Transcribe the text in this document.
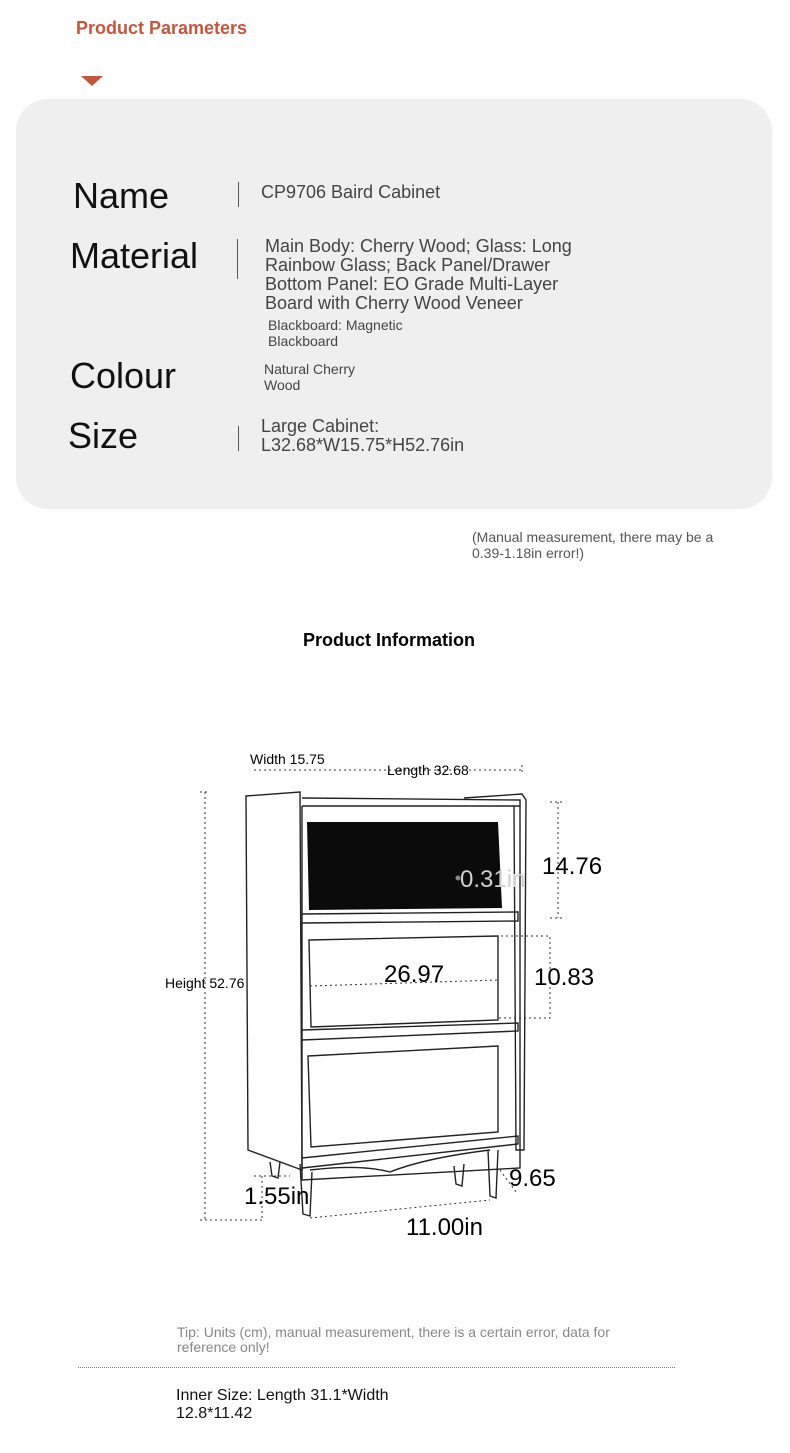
Product Parameters
Name	CP9706 Baird Cabinet
Material	Main Body: Cherry Wood; Glass: Long
Rainbow Glass; Back Panel/Drawer
Bottom Panel: EO Grade Multi-Layer
Board with Cherry Wood Veneer
Blackboard: Magnetic
Blackboard
Colour	Natural Cherry
Wood
Size	Large Cabinet:
L32.68*W15.75*H52.76in
(Manual measurement, there may be a 0.39-1.18in error!)
Product Information
Width 15.75
Length 32.68
Height 52.76
14.76
0.31in
26.97	10.83
1.55in
9.65
11.00in
Tip: Units (cm), manual measurement, there is a certain error, data for reference only!
Inner Size: Length 31.1*Width 12.8*11.42
